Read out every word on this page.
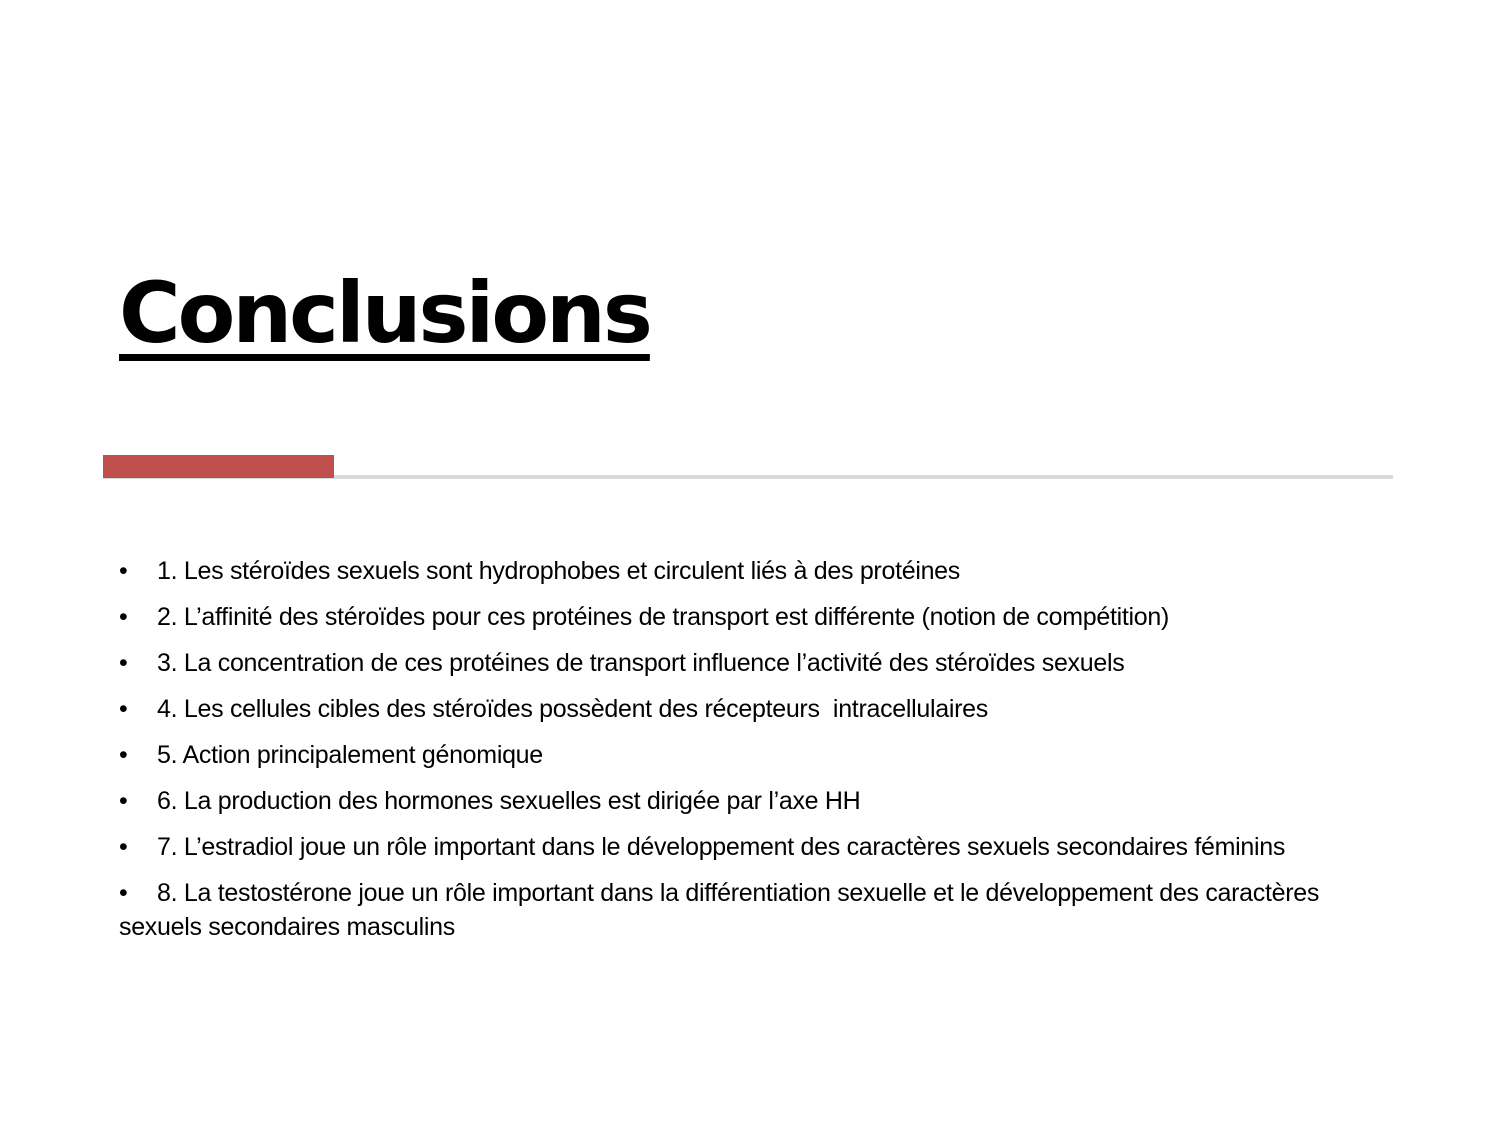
Conclusions
•	1. Les stéroïdes sexuels sont hydrophobes et circulent liés à des protéines
•	2. L’affinité des stéroïdes pour ces protéines de transport est différente (notion de compétition)
•	3. La concentration de ces protéines de transport influence l’activité des stéroïdes sexuels
•	4. Les cellules cibles des stéroïdes possèdent des récepteurs  intracellulaires
•	5. Action principalement génomique
•	6. La production des hormones sexuelles est dirigée par l’axe HH
• 7. L’estradiol joue un rôle important dans le développement des caractères sexuels secondaires féminins
• 8. La testostérone joue un rôle important dans la différentiation sexuelle et le développement des caractères sexuels secondaires masculins
